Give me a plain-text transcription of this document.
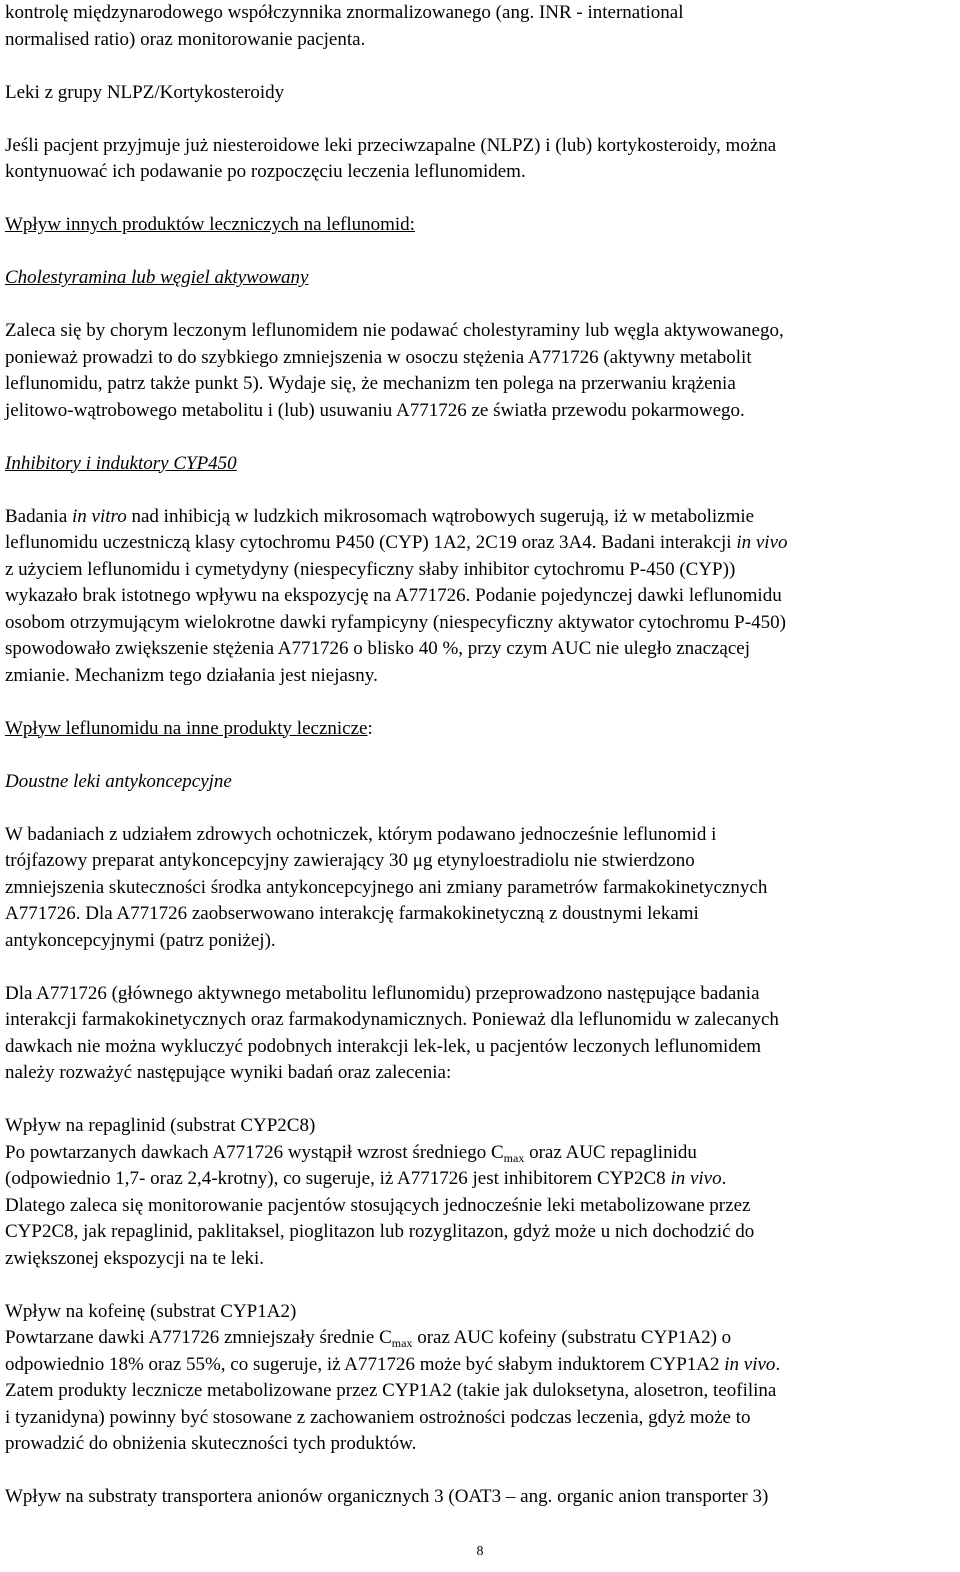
kontrolę międzynarodowego współczynnika znormalizowanego (ang. INR - international
normalised ratio) oraz monitorowanie pacjenta.
Leki z grupy NLPZ/Kortykosteroidy
Jeśli pacjent przyjmuje już niesteroidowe leki przeciwzapalne (NLPZ) i (lub) kortykosteroidy, można
kontynuować ich podawanie po rozpoczęciu leczenia leflunomidem.
Wpływ innych produktów leczniczych na leflunomid:
Cholestyramina lub węgiel aktywowany
Zaleca się by chorym leczonym leflunomidem nie podawać cholestyraminy lub węgla aktywowanego,
ponieważ prowadzi to do szybkiego zmniejszenia w osoczu stężenia A771726 (aktywny metabolit
leflunomidu, patrz także punkt 5). Wydaje się, że mechanizm ten polega na przerwaniu krążenia
jelitowo-wątrobowego metabolitu i (lub) usuwaniu A771726 ze światła przewodu pokarmowego.
Inhibitory i induktory CYP450
Badania in vitro nad inhibicją w ludzkich mikrosomach wątrobowych sugerują, iż w metabolizmie
leflunomidu uczestniczą klasy cytochromu P450 (CYP) 1A2, 2C19 oraz 3A4. Badani interakcji in vivo
z użyciem leflunomidu i cymetydyny (niespecyficzny słaby inhibitor cytochromu P-450 (CYP))
wykazało brak istotnego wpływu na ekspozycję na A771726. Podanie pojedynczej dawki leflunomidu
osobom otrzymującym wielokrotne dawki ryfampicyny (niespecyficzny aktywator cytochromu P-450)
spowodowało zwiększenie stężenia A771726 o blisko 40 %, przy czym AUC nie uległo znaczącej
zmianie. Mechanizm tego działania jest niejasny.
Wpływ leflunomidu na inne produkty lecznicze:
Doustne leki antykoncepcyjne
W badaniach z udziałem zdrowych ochotniczek, którym podawano jednocześnie leflunomid i
trójfazowy preparat antykoncepcyjny zawierający 30 μg etynyloestradiolu nie stwierdzono
zmniejszenia skuteczności środka antykoncepcyjnego ani zmiany parametrów farmakokinetycznych
A771726. Dla A771726 zaobserwowano interakcję farmakokinetyczną z doustnymi lekami
antykoncepcyjnymi (patrz poniżej).
Dla A771726 (głównego aktywnego metabolitu leflunomidu) przeprowadzono następujące badania
interakcji farmakokinetycznych oraz farmakodynamicznych. Ponieważ dla leflunomidu w zalecanych
dawkach nie można wykluczyć podobnych interakcji lek-lek, u pacjentów leczonych leflunomidem
należy rozważyć następujące wyniki badań oraz zalecenia:
Wpływ na repaglinid (substrat CYP2C8)
Po powtarzanych dawkach A771726 wystąpił wzrost średniego $C_{max}$ oraz AUC repaglinidu
(odpowiednio 1,7- oraz 2,4-krotny), co sugeruje, iż A771726 jest inhibitorem CYP2C8 in vivo.
Dlatego zaleca się monitorowanie pacjentów stosujących jednocześnie leki metabolizowane przez
CYP2C8, jak repaglinid, paklitaksel, pioglitazon lub rozyglitazon, gdyż może u nich dochodzić do
zwiększonej ekspozycji na te leki.
Wpływ na kofeinę (substrat CYP1A2)
Powtarzane dawki A771726 zmniejszały średnie $C_{max}$ oraz AUC kofeiny (substratu CYP1A2) o
odpowiednio 18% oraz 55%, co sugeruje, iż A771726 może być słabym induktorem CYP1A2 in vivo.
Zatem produkty lecznicze metabolizowane przez CYP1A2 (takie jak duloksetyna, alosetron, teofilina
i tyzanidyna) powinny być stosowane z zachowaniem ostrożności podczas leczenia, gdyż może to
prowadzić do obniżenia skuteczności tych produktów.
Wpływ na substraty transportera anionów organicznych 3 (OAT3 – ang. organic anion transporter 3)
8
